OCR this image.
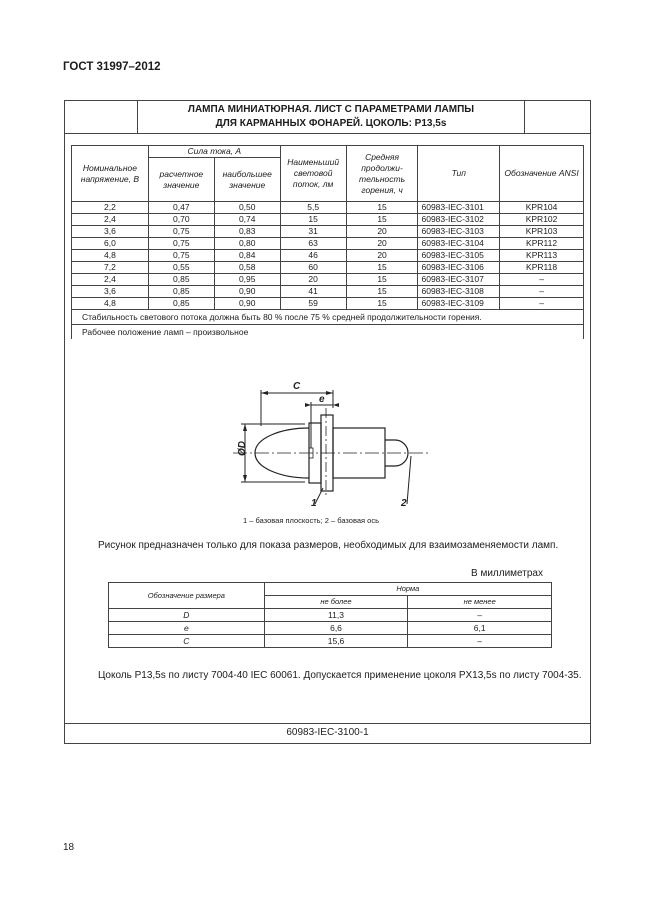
ГОСТ 31997–2012
ЛАМПА МИНИАТЮРНАЯ. ЛИСТ С ПАРАМЕТРАМИ ЛАМПЫ
ДЛЯ КАРМАННЫХ ФОНАРЕЙ. ЦОКОЛЬ: P13,5s
Номинальное напряжение, В	Сила тока, А		Наименьший световой поток, лм	Средняя продолжительность горения, ч	Тип	Обозначение ANSI
	расчетное значение	наибольшее значение				
2,2	0,47	0,50	5,5	15	60983-IEC-3101	KPR104
2,4	0,70	0,74	15	15	60983-IEC-3102	KPR102
3,6	0,75	0,83	31	20	60983-IEC-3103	KPR103
6,0	0,75	0,80	63	20	60983-IEC-3104	KPR112
4,8	0,75	0,84	46	20	60983-IEC-3105	KPR113
7,2	0,55	0,58	60	15	60983-IEC-3106	KPR118
2,4	0,85	0,95	20	15	60983-IEC-3107	–
3,6	0,85	0,90	41	15	60983-IEC-3108	–
4,8	0,85	0,90	59	15	60983-IEC-3109	–
Стабильность светового потока должна быть 80 % после 75 % средней продолжительности горения.						
Рабочее положение ламп – произвольное						
C
e
ØD
1	2
1 – базовая плоскость; 2 – базовая ось
Рисунок предназначен только для показа размеров, необходимых для взаимозаменяемости ламп.
В миллиметрах
Обозначение размера	Норма	
	не более	не менее
D	11,3	–
e	6,6	6,1
C	15,6	–
Цоколь P13,5s по листу 7004-40 IEC 60061. Допускается применение цоколя PX13,5s по листу 7004-35.
60983-IEC-3100-1
18
